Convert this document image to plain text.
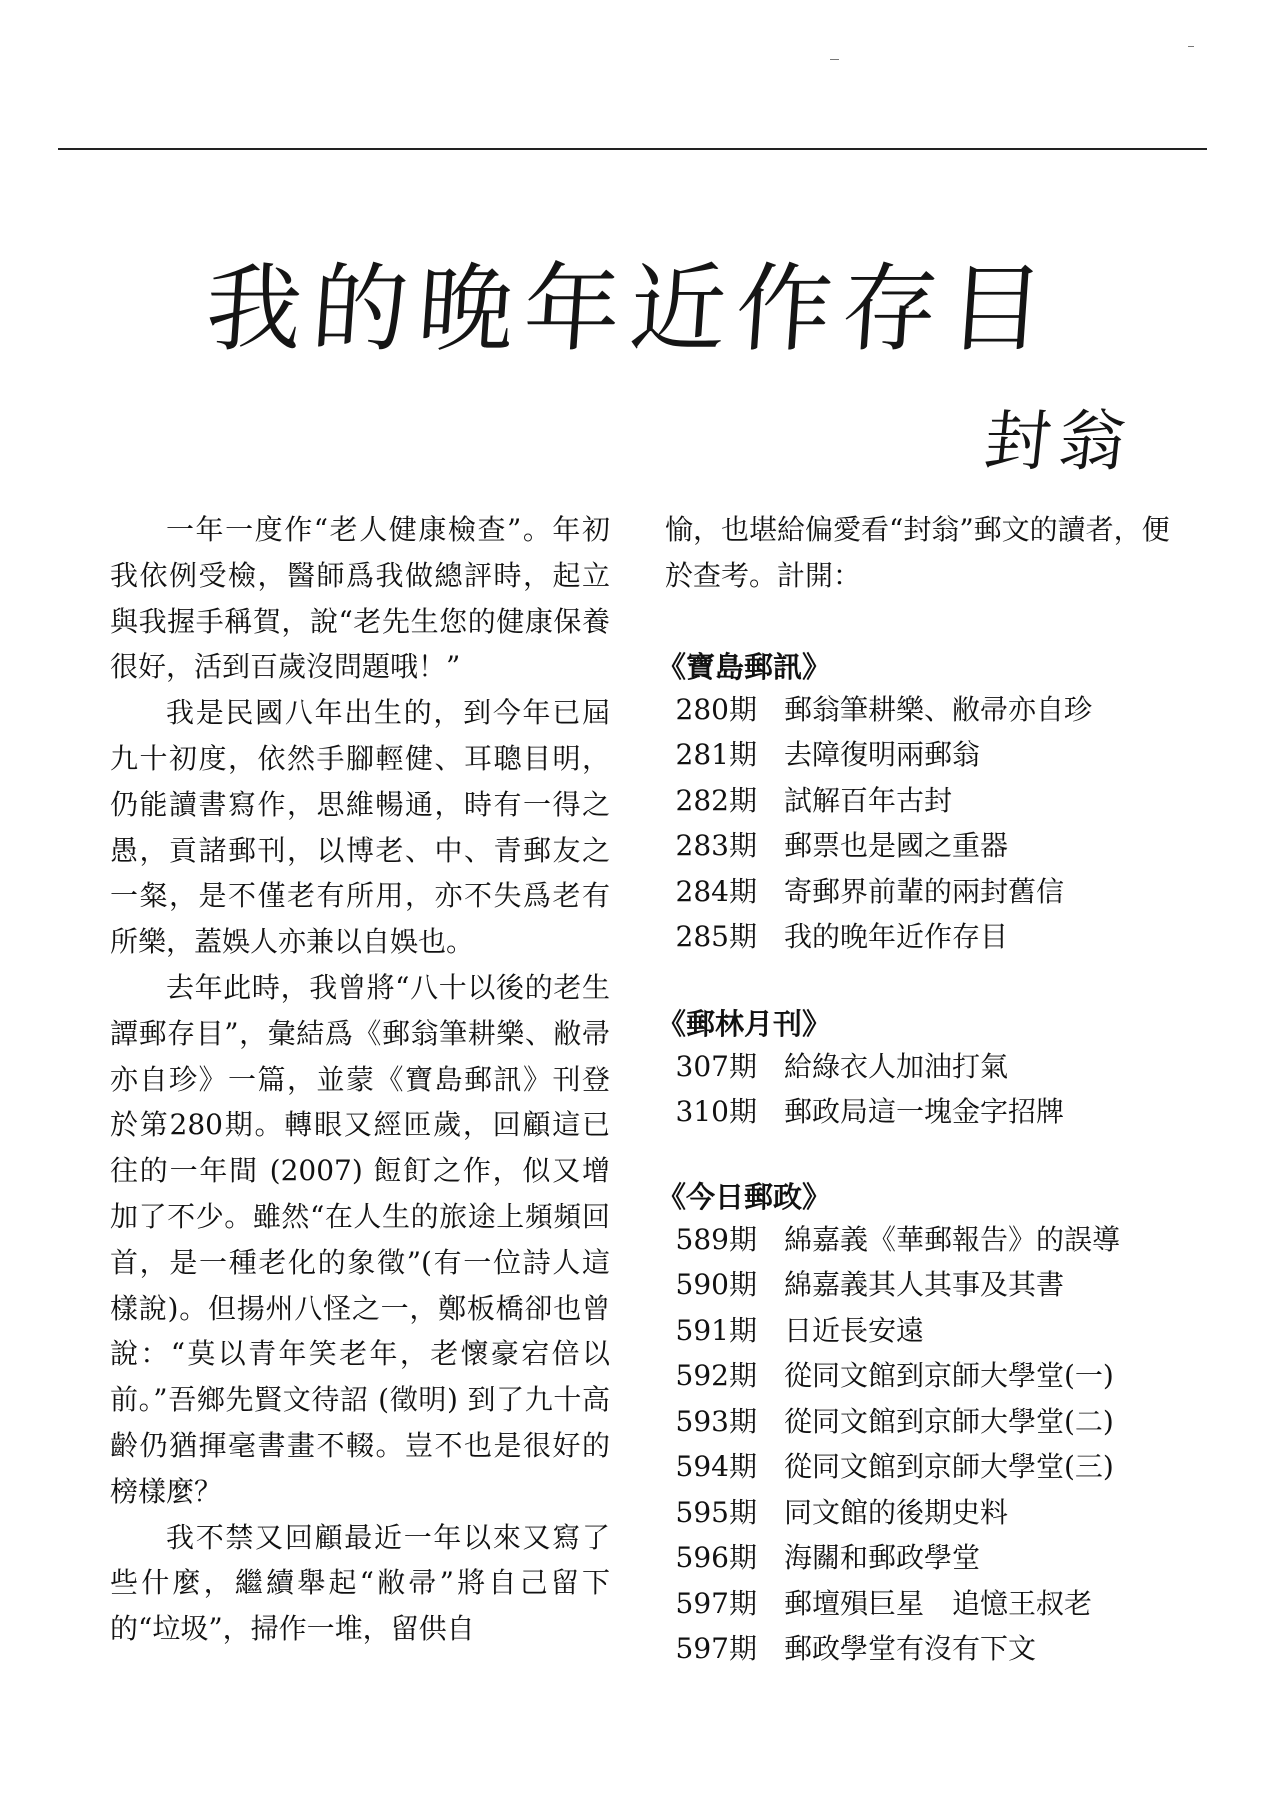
我的晚年近作存目
封翁

一年一度作“老人健康檢查”。年初我依例受檢，醫師爲我做總評時，起立與我握手稱賀，說“老先生您的健康保養很好，活到百歲沒問題哦！”

我是民國八年出生的，到今年已屆九十初度，依然手腳輕健、耳聰目明，仍能讀書寫作，思維暢通，時有一得之愚，貢諸郵刊，以博老、中、青郵友之一粲，是不僅老有所用，亦不失爲老有所樂，蓋娛人亦兼以自娛也。

去年此時，我曾將“八十以後的老生譚郵存目”，彙結爲《郵翁筆耕樂、敝帚亦自珍》一篇，並蒙《寶島郵訊》刊登於第280期。轉眼又經匝歲，回顧這已往的一年間 (2007) 餖飣之作，似又增加了不少。雖然“在人生的旅途上頻頻回首，是一種老化的象徵”(有一位詩人這樣說)。但揚州八怪之一，鄭板橋卻也曾說：“莫以青年笑老年，老懷豪宕倍以前。”吾鄉先賢文待詔 (徵明) 到了九十高齡仍猶揮毫書畫不輟。豈不也是很好的榜樣麼？

我不禁又回顧最近一年以來又寫了些什麼，繼續舉起“敝帚”將自己留下的“垃圾”，掃作一堆，留供自

愉，也堪給偏愛看“封翁”郵文的讀者，便於查考。計開：

《寶島郵訊》
280期 郵翁筆耕樂、敝帚亦自珍
281期 去障復明兩郵翁
282期 試解百年古封
283期 郵票也是國之重器
284期 寄郵界前輩的兩封舊信
285期 我的晚年近作存目
《郵林月刊》
307期 給綠衣人加油打氣
310期 郵政局這一塊金字招牌
《今日郵政》
589期 綿嘉義《華郵報告》的誤導
590期 綿嘉義其人其事及其書
591期 日近長安遠
592期 從同文館到京師大學堂(一)
593期 從同文館到京師大學堂(二)
594期 從同文館到京師大學堂(三)
595期 同文館的後期史料
596期 海關和郵政學堂
597期 郵壇殞巨星　追憶王叔老
597期 郵政學堂有沒有下文
